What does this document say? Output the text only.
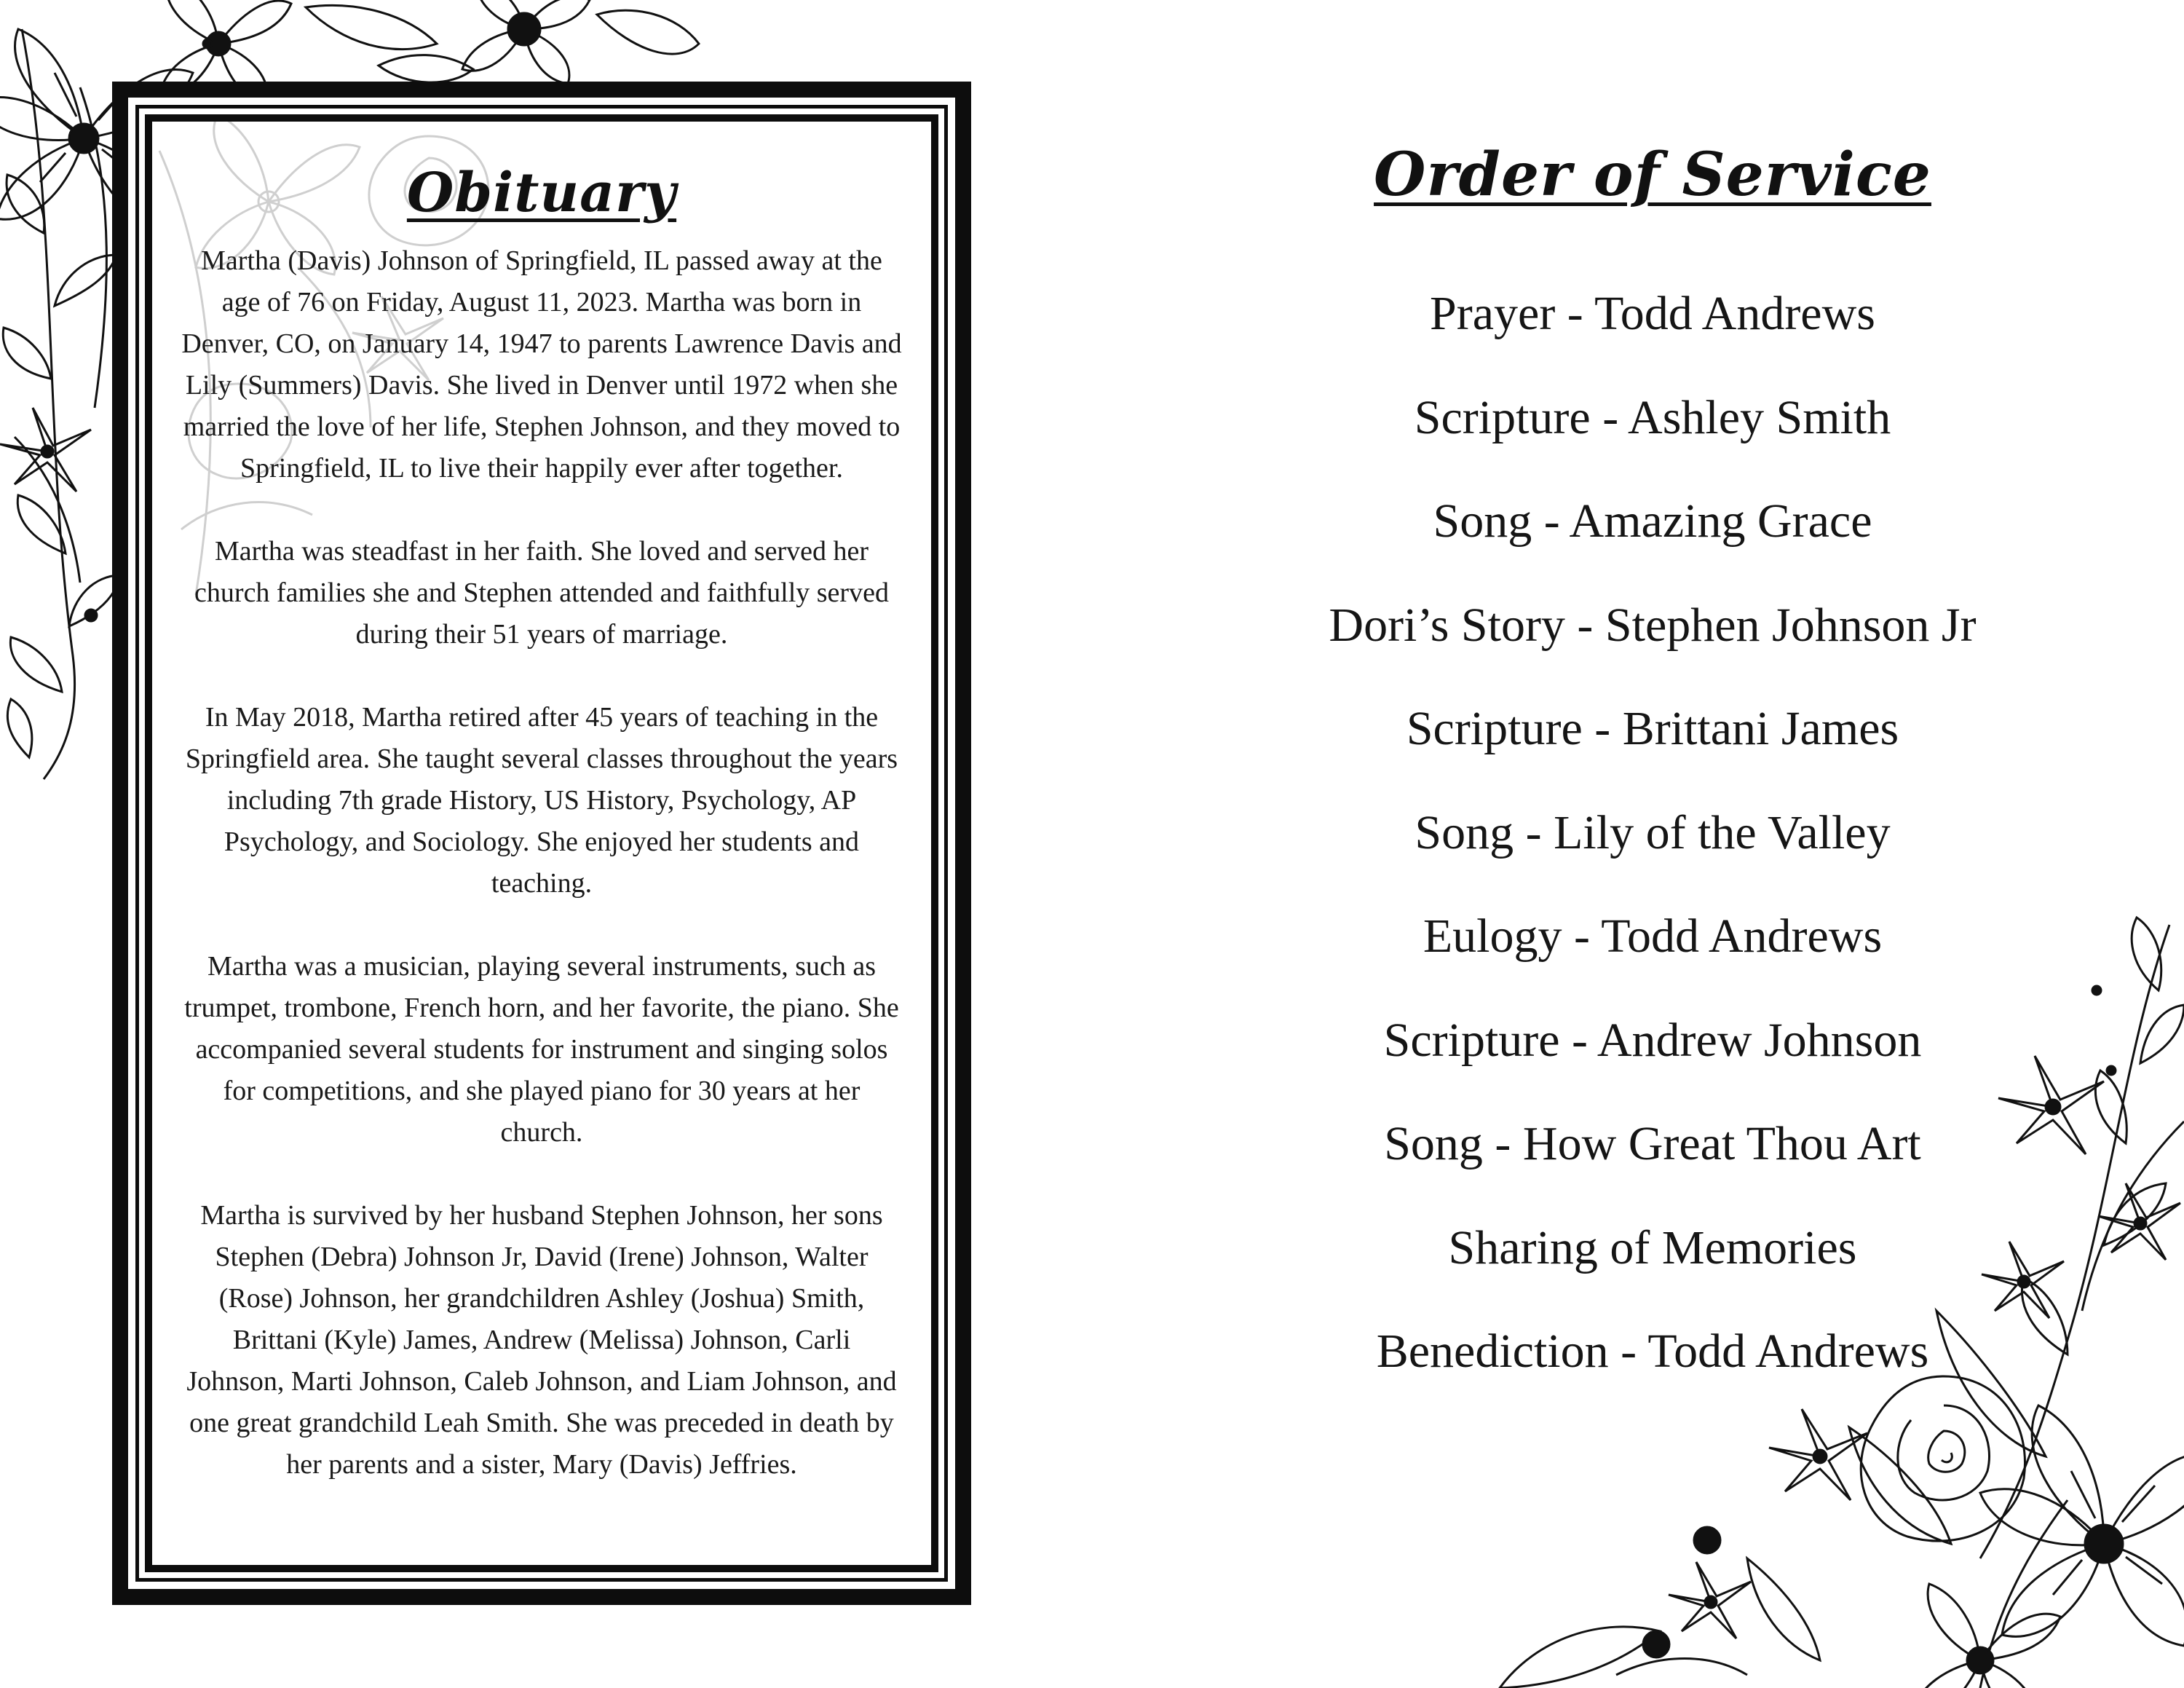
Obituary

Martha (Davis) Johnson of Springfield, IL passed away at the age of 76 on Friday, August 11, 2023. Martha was born in Denver, CO, on January 14, 1947 to parents Lawrence Davis and Lily (Summers) Davis. She lived in Denver until 1972 when she married the love of her life, Stephen Johnson, and they moved to Springfield, IL to live their happily ever after together.

Martha was steadfast in her faith. She loved and served her church families she and Stephen attended and faithfully served during their 51 years of marriage.

In May 2018, Martha retired after 45 years of teaching in the Springfield area. She taught several classes throughout the years including 7th grade History, US History, Psychology, AP Psychology, and Sociology. She enjoyed her students and teaching.

Martha was a musician, playing several instruments, such as trumpet, trombone, French horn, and her favorite, the piano. She accompanied several students for instrument and singing solos for competitions, and she played piano for 30 years at her church.

Martha is survived by her husband Stephen Johnson, her sons Stephen (Debra) Johnson Jr, David (Irene) Johnson, Walter (Rose) Johnson, her grandchildren Ashley (Joshua) Smith, Brittani (Kyle) James, Andrew (Melissa) Johnson, Carli Johnson, Marti Johnson, Caleb Johnson, and Liam Johnson, and one great grandchild Leah Smith. She was preceded in death by her parents and a sister, Mary (Davis) Jeffries.

Order of Service
Prayer - Todd Andrews
Scripture - Ashley Smith
Song - Amazing Grace
Dori’s Story - Stephen Johnson Jr
Scripture - Brittani James
Song - Lily of the Valley
Eulogy - Todd Andrews
Scripture - Andrew Johnson
Song - How Great Thou Art
Sharing of Memories
Benediction - Todd Andrews
